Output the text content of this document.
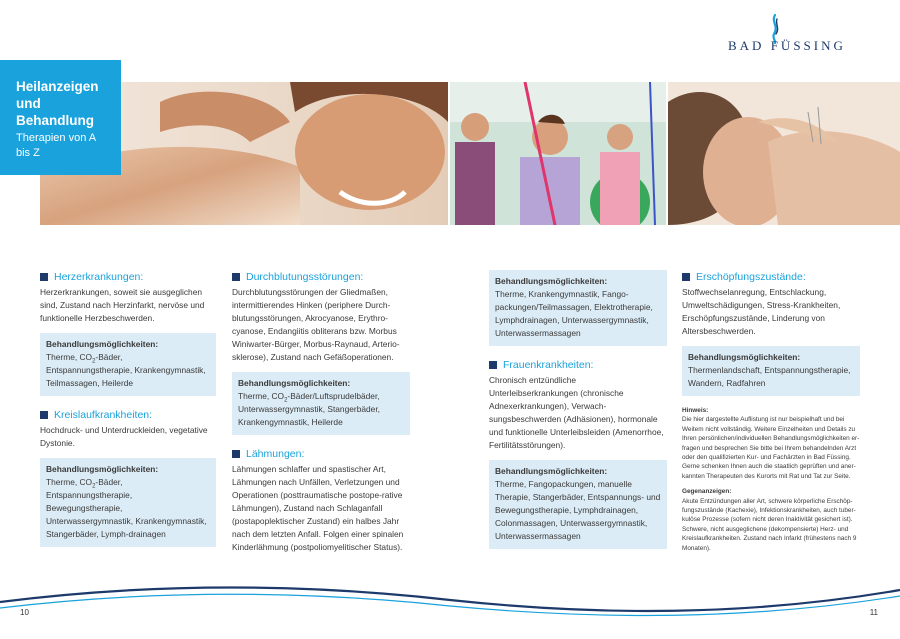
BAD FÜSSING

Heilanzeigen und Behandlung

Therapien von A bis Z

Herzerkrankungen:

Herzerkrankungen, soweit sie ausgeglichen sind, Zustand nach Herzinfarkt, nervöse und funktionelle Herzbeschwerden.

Behandlungsmöglichkeiten:

Therme, $CO_2$-Bäder, Entspannungstherapie, Krankengymnastik, Teilmassagen, Heilerde

Kreislaufkrankheiten:

Hochdruck- und Unterdruckleiden, vegetative Dystonie.

Behandlungsmöglichkeiten:

Therme, $CO_2$-Bäder, Entspannungstherapie, Bewegungstherapie, Unterwassergymnastik, Krankengymnastik, Stangerbäder, Lymph-drainagen

Durchblutungsstörungen:

Durchblutungsstörungen der Gliedmaßen, intermittierendes Hinken (periphere Durch-blutungsstörungen, Akrocyanose, Erythro-cyanose, Endangiitis obliterans bzw. Morbus Winiwarter-Bürger, Morbus-Raynaud, Arterio-sklerose), Zustand nach Gefäßoperationen.

Behandlungsmöglichkeiten:

Therme, $CO_2-Bäder$/Luftsprudelbäder, Unterwassergymnastik, Stangerbäder, Krankengymnastik, Heilerde

Lähmungen:

Lähmungen schlaffer und spastischer Art, Lähmungen nach Unfällen, Verletzungen und Operationen (posttraumatische postope-rative Lähmungen), Zustand nach Schlaganfall (postapoplektischer Zustand) ein halbes Jahr nach dem letzten Anfall. Folgen einer spinalen Kinderlähmung (postpoliomyelitischer Status).

Behandlungsmöglichkeiten:

Therme, Krankengymnastik, Fango-packungen/Teilmassagen, Elektrotherapie, Lymphdrainagen, Unterwassergymnastik, Unterwassermassagen

Frauenkrankheiten:

Chronisch entzündliche Unterleibserkrankungen (chronische Adnexerkrankungen), Verwach-sungsbeschwerden (Adhäsionen), hormonale und funktionelle Unterleibsleiden (Amenorrhoe, Fertilitätsstörungen).

Behandlungsmöglichkeiten:

Therme, Fangopackungen, manuelle Therapie, Stangerbäder, Entspannungs- und Bewegungstherapie, Lymphdrainagen, Colonmassagen, Unterwassergymnastik, Unterwassermassagen

Erschöpfungszustände:

Stoffwechselanregung, Entschlackung, Umweltschädigungen, Stress-Krankheiten, Erschöpfungszustände, Linderung von Altersbeschwerden.

Behandlungsmöglichkeiten:

Thermenlandschaft, Entspannungstherapie, Wandern, Radfahren

Hinweis:

Die hier dargestellte Auflistung ist nur beispielhaft und bei Weitem nicht vollständig. Weitere Einzelheiten und Details zu Ihren persönlichen/individuellen Behandlungsmöglichkeiten er-fragen und besprechen Sie bitte bei Ihrem behandelnden Arzt oder den qualifizierten Kur- und Fachärzten in Bad Füssing. Gerne schenken Ihnen auch die staatlich geprüften und aner-kannten Therapeuten des Kurorts mit Rat und Tat zur Seite.

Gegenanzeigen:

Akute Entzündungen aller Art, schwere körperliche Erschöp-fungszustände (Kachexie), Infektionskrankheiten, auch tuber-kulöse Prozesse (sofern nicht deren Inaktivität gesichert ist). Schwere, nicht ausgeglichene (dekompensierte) Herz- und Kreislaufkrankheiten. Zustand nach Infarkt (frühestens nach 9 Monaten).

10	11
